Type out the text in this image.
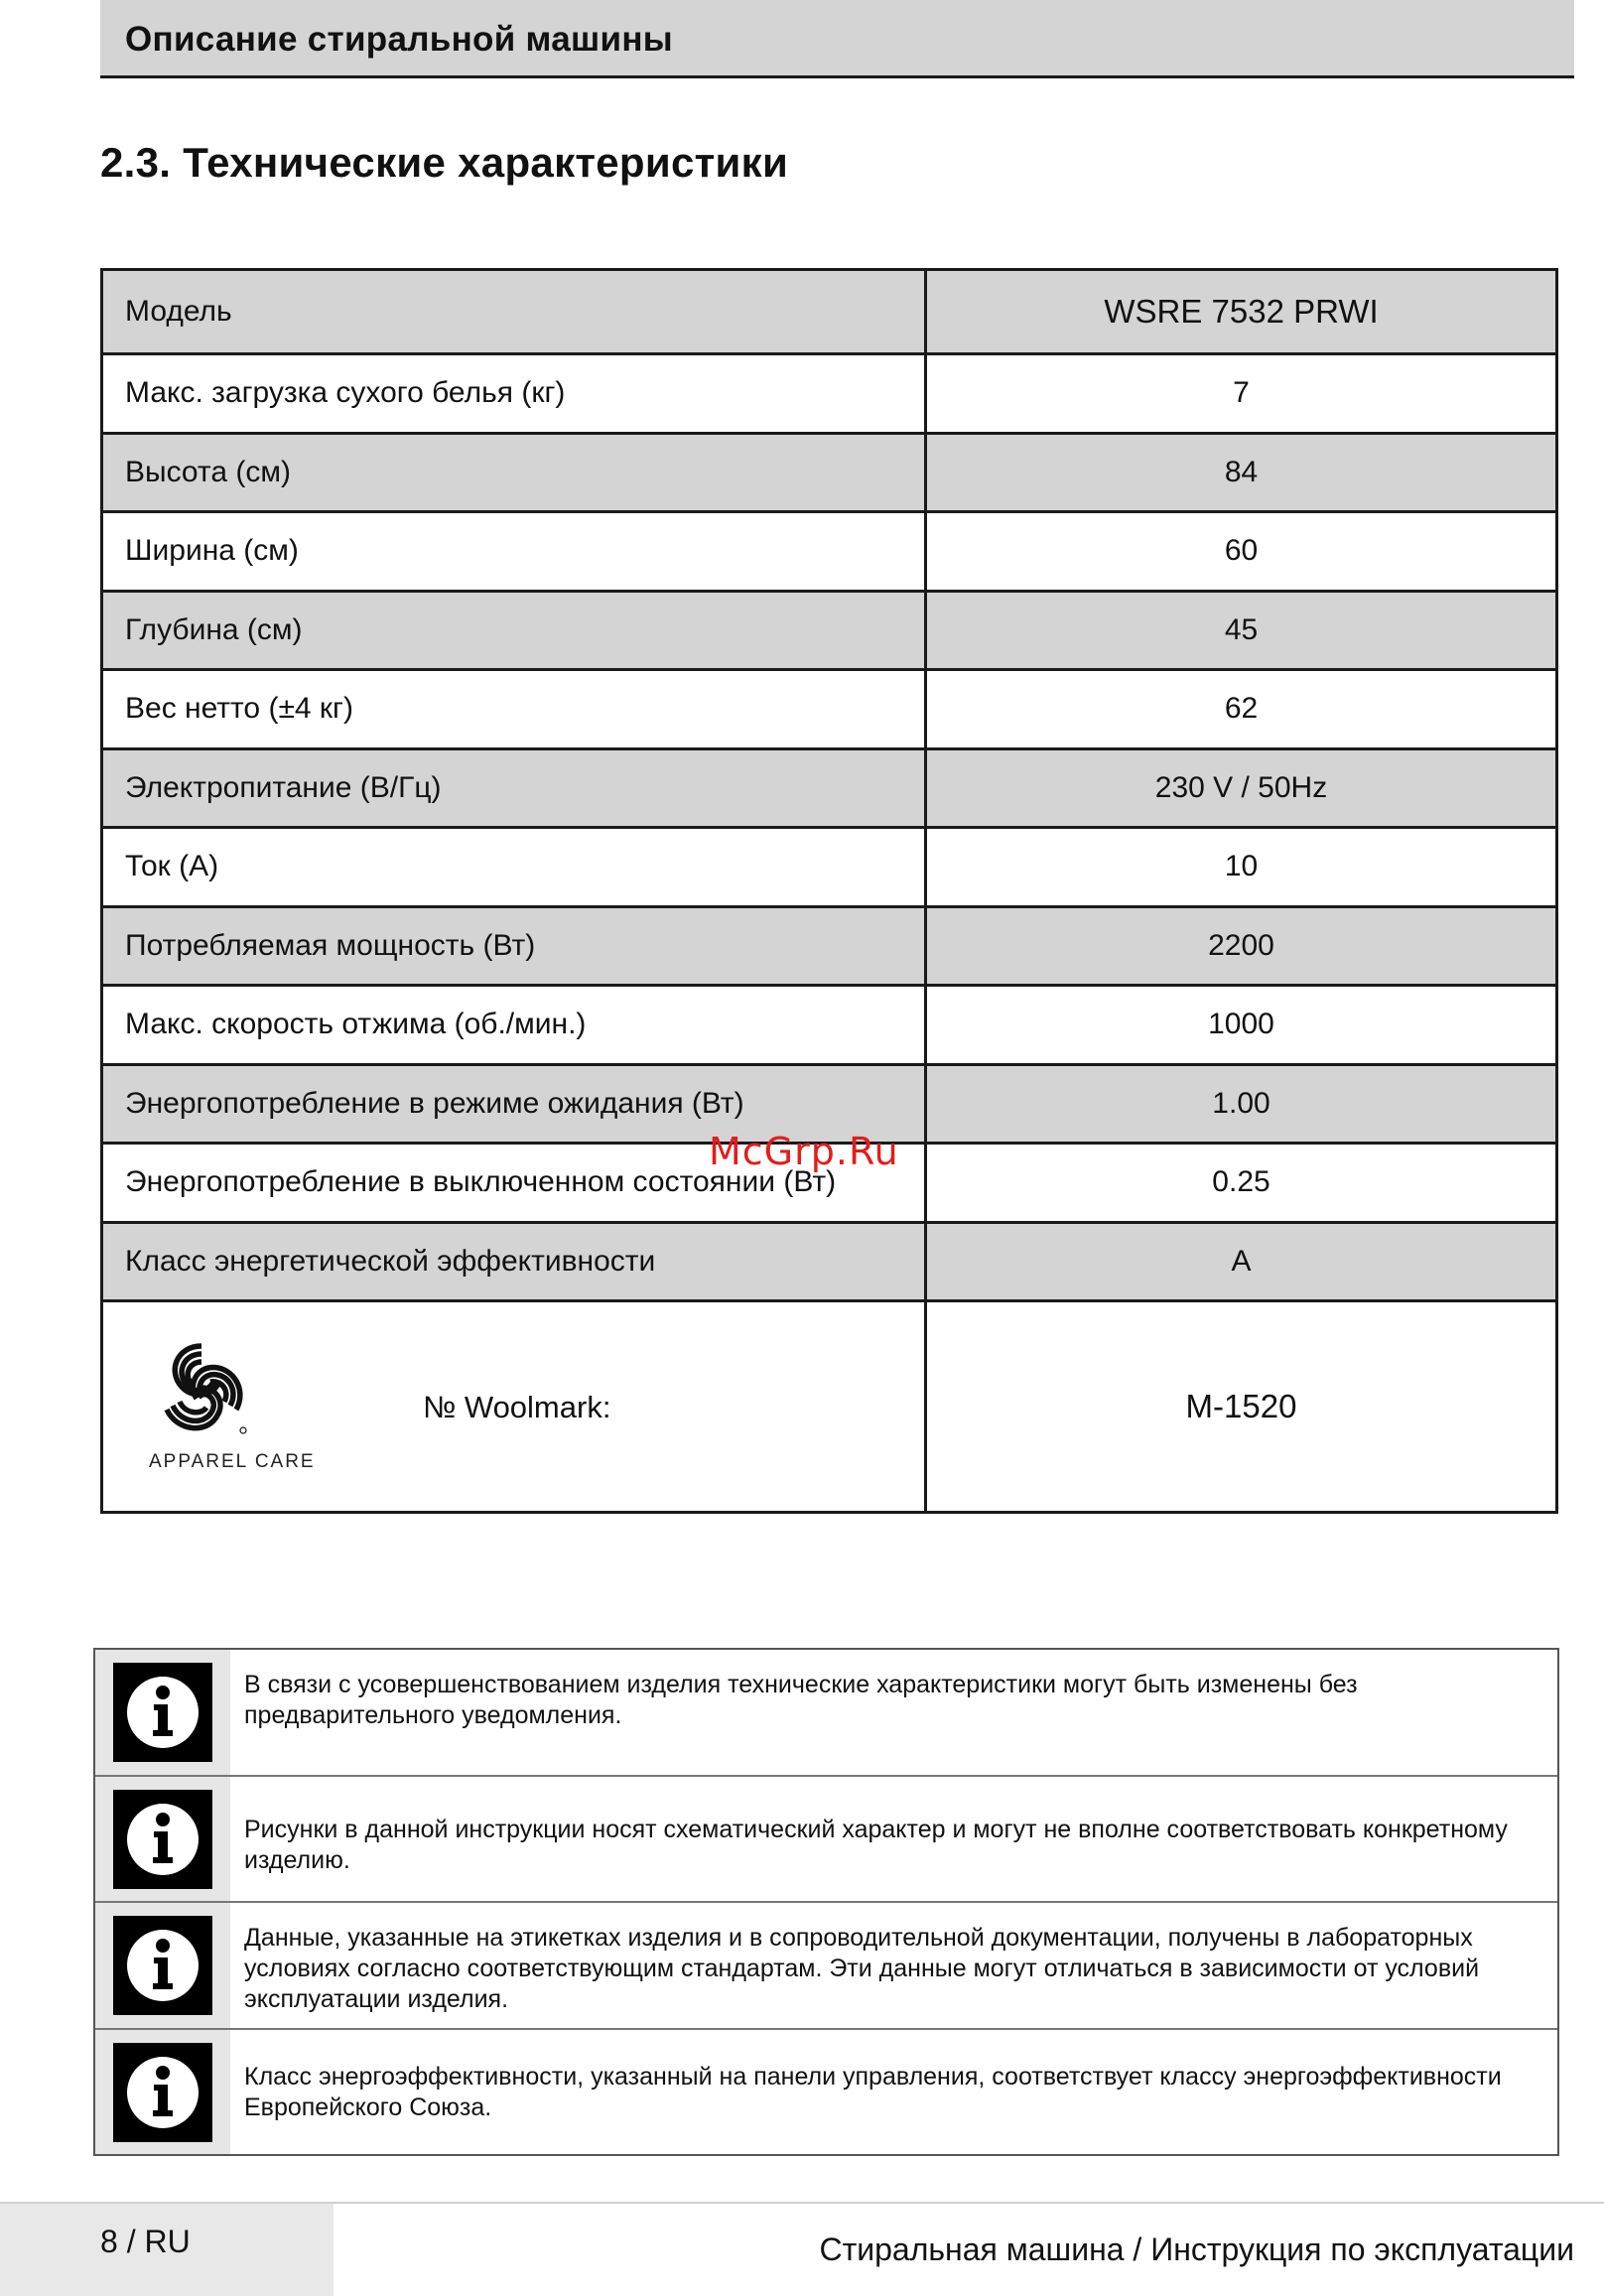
Описание стиральной машины
2.3. Технические характеристики
Модель	WSRE 7532 PRWI
Макс. загрузка сухого белья (кг)	7
Высота (см)	84
Ширина (см)	60
Глубина (см)	45
Вес нетто (±4 кг)	62
Электропитание (В/Гц)	230 V / 50Hz
Ток (А)	10
Потребляемая мощность (Вт)	2200
Макс. скорость отжима (об./мин.)	1000
Энергопотребление в режиме ожидания (Вт)	1.00
Энергопотребление в выключенном состоянии (Вт)	0.25
Класс энергетической эффективности	A

APPAREL CARE
№ Woolmark:	M-1520
McGrp.Ru
В связи с усовершенствованием изделия технические характеристики могут быть изменены без предварительного уведомления.
Рисунки в данной инструкции носят схематический характер и могут не вполне соответствовать конкретному изделию.
Данные, указанные на этикетках изделия и в сопроводительной документации, получены в лабораторных условиях согласно соответствующим стандартам. Эти данные могут отличаться в зависимости от условий эксплуатации изделия.
Класс энергоэффективности, указанный на панели управления, соответствует классу энергоэффективности Европейского Союза.
8 / RU	Стиральная машина / Инструкция по эксплуатации
